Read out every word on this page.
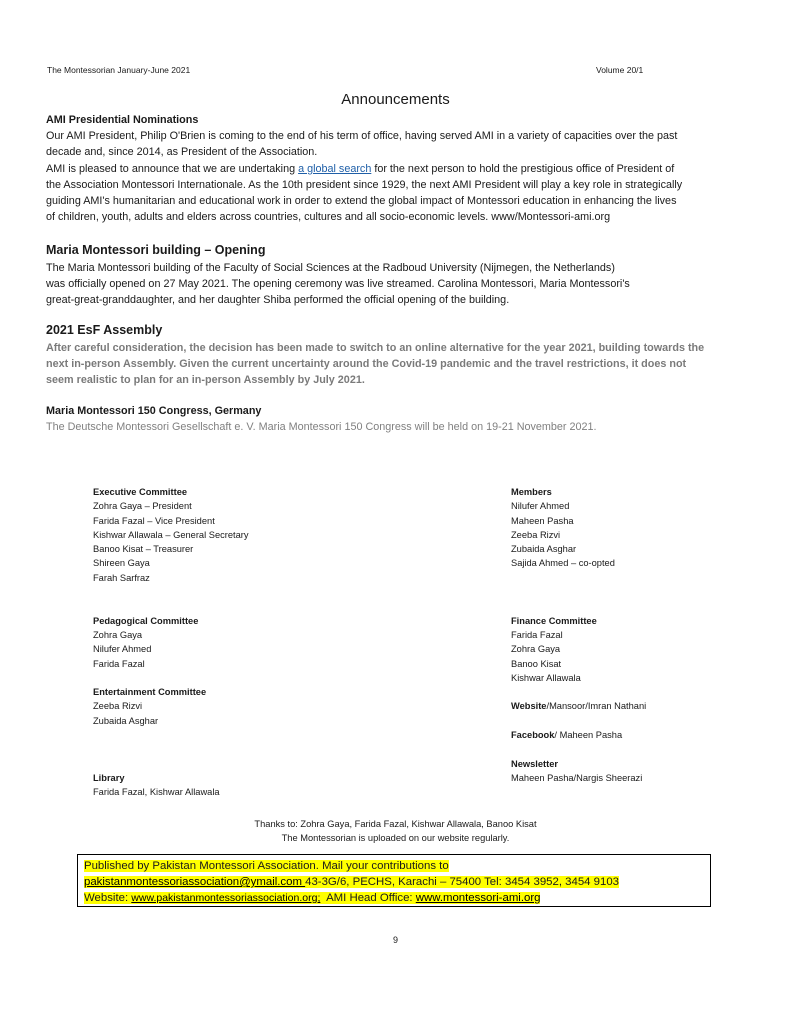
The Montessorian January-June 2021	Volume 20/1
Announcements
AMI Presidential Nominations

Our AMI President, Philip O'Brien is coming to the end of his term of office, having served AMI in a variety of capacities over the past

decade and, since 2014, as President of the Association.

AMI is pleased to announce that we are undertaking a global search for the next person to hold the prestigious office of President of

the Association Montessori Internationale. As the 10th president since 1929, the next AMI President will play a key role in strategically

guiding AMI's humanitarian and educational work in order to extend the global impact of Montessori education in enhancing the lives

of children, youth, adults and elders across countries, cultures and all socio-economic levels. www/Montessori-ami.org

Maria Montessori building – Opening

The Maria Montessori building of the Faculty of Social Sciences at the Radboud University (Nijmegen, the Netherlands)

was officially opened on 27 May 2021. The opening ceremony was live streamed. Carolina Montessori, Maria Montessori's

great-great-granddaughter, and her daughter Shiba performed the official opening of the building.

2021 EsF Assembly

After careful consideration, the decision has been made to switch to an online alternative for the year 2021, building towards the

next in-person Assembly. Given the current uncertainty around the Covid-19 pandemic and the travel restrictions, it does not

seem realistic to plan for an in-person Assembly by July 2021.

Maria Montessori 150 Congress, Germany

The Deutsche Montessori Gesellschaft e. V. Maria Montessori 150 Congress will be held on 19-21 November 2021.

Executive Committee
Zohra Gaya – President
Farida Fazal – Vice President
Kishwar Allawala – General Secretary
Banoo Kisat – Treasurer
Shireen Gaya
Farah Sarfraz
Pedagogical Committee
Zohra Gaya
Nilufer Ahmed
Farida Fazal
Entertainment Committee
Zeeba Rizvi
Zubaida Asghar
Library
Farida Fazal, Kishwar Allawala
Members
Nilufer Ahmed
Maheen Pasha
Zeeba Rizvi
Zubaida Asghar
Sajida Ahmed – co-opted
Finance Committee
Farida Fazal
Zohra Gaya
Banoo Kisat
Kishwar Allawala
Website/Mansoor/Imran Nathani
Facebook/ Maheen Pasha
Newsletter
Maheen Pasha/Nargis Sheerazi
Thanks to: Zohra Gaya, Farida Fazal, Kishwar Allawala, Banoo Kisat
The Montessorian is uploaded on our website regularly.
Published by Pakistan Montessori Association. Mail your contributions to
pakistanmontessoriassociation@ymail.com 43-3G/6, PECHS, Karachi – 75400 Tel: 3454 3952, 3454 9103
Website: www.pakistanmontessoriassociation.org;  AMI Head Office: www.montessori-ami.org
9
